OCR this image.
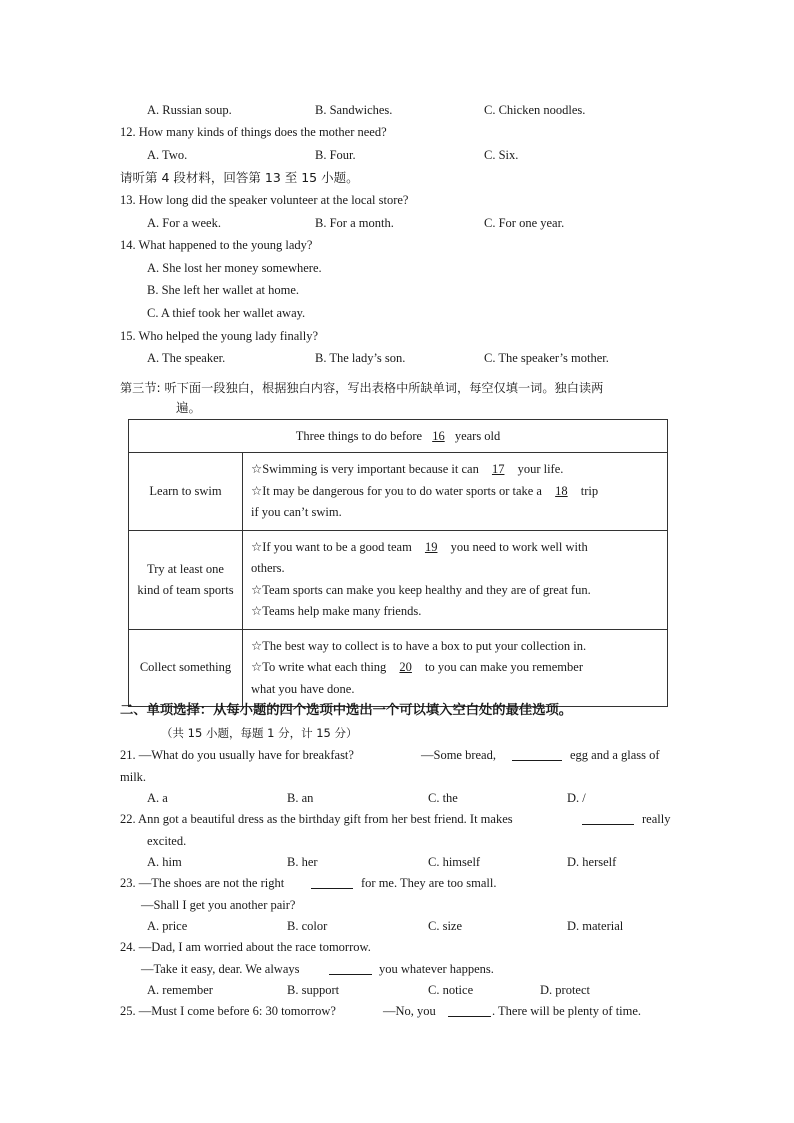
A. Russian soup.	B. Sandwiches.	C. Chicken noodles.
12. How many kinds of things does the mother need?
A. Two.	B. Four.	C. Six.
请听第 4 段材料，回答第 13 至 15 小题。
13. How long did the speaker volunteer at the local store?
A. For a week.	B. For a month.	C. For one year.
14. What happened to the young lady?
A. She lost her money somewhere.
B. She left her wallet at home.
C. A thief took her wallet away.
15. Who helped the young lady finally?
A. The speaker.	B. The lady’s son.	C. The speaker’s mother.
第三节: 听下面一段独白，根据独白内容，写出表格中所缺单词，每空仅填一词。独白读两
遍。
Three things to do before 16 years old	
Learn to swim	☆Swimming is very important because it can 17 your life.
☆It may be dangerous for you to do water sports or take a 18 trip
if you can’t swim.

Try at least one kind of team sports	☆If you want to be a good team 19 you need to work well with
others.
☆Team sports can make you keep healthy and they are of great fun.
☆Teams help make many friends.

Collect something	☆The best way to collect is to have a box to put your collection in.
☆To write what each thing 20 to you can make you remember
what you have done.
二、单项选择：从每小题的四个选项中选出一个可以填入空白处的最佳选项。
（共 15 小题，每题 1 分，计 15 分）
21. —What do you usually have for breakfast?	—Some bread,	egg and a glass of
milk.
A. a	B. an	C. the	D. /
22. Ann got a beautiful dress as the birthday gift from her best friend. It makes	really
excited.
A. him	B. her	C. himself	D. herself
23. —The shoes are not the right	for me. They are too small.
—Shall I get you another pair?
A. price	B. color	C. size	D. material
24. —Dad, I am worried about the race tomorrow.
—Take it easy, dear. We always	you whatever happens.
A. remember	B. support	C. notice	D. protect
25. —Must I come before 6: 30 tomorrow?	—No, you	. There will be plenty of time.
